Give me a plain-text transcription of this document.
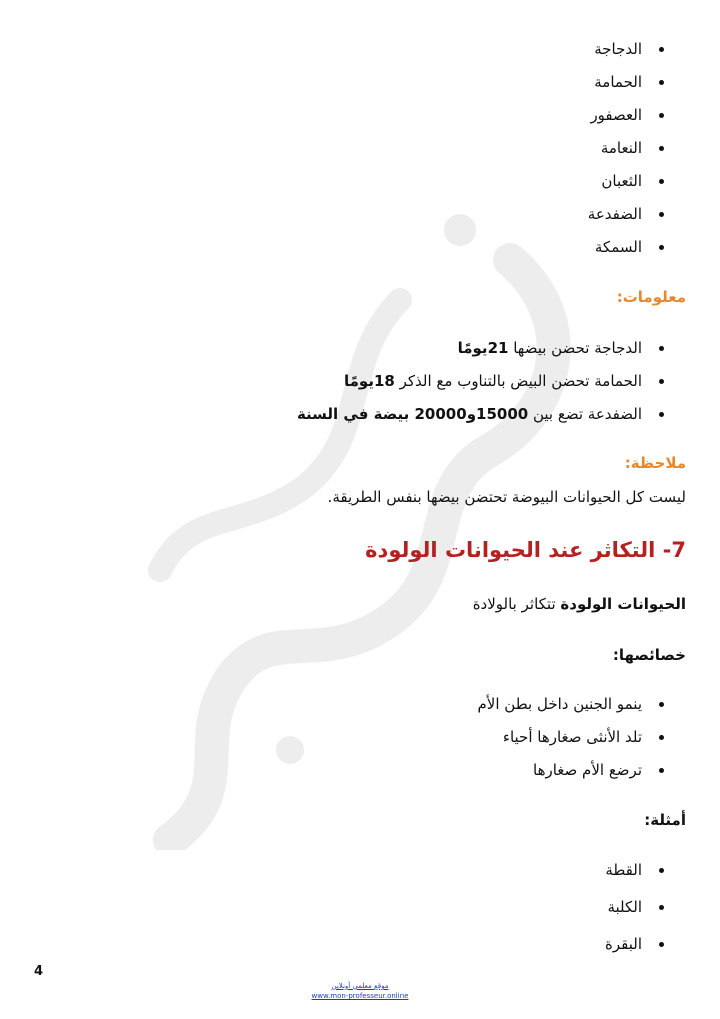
الدجاجة
الحمامة
العصفور
النعامة
الثعبان
الضفدعة
السمكة
معلومات:
الدجاجة تحضن بيضها 21يومًا
الحمامة تحضن البيض بالتناوب مع الذكر 18يومًا
الضفدعة تضع بين 15000و20000 بيضة في السنة
ملاحظة:
ليست كل الحيوانات البيوضة تحتضن بيضها بنفس الطريقة.
7- التكاثر عند الحيوانات الولودة
الحيوانات الولودة تتكاثر بالولادة
خصائصها:
ينمو الجنين داخل بطن الأم
تلد الأنثى صغارها أحياء
ترضع الأم صغارها
أمثلة:
القطة
الكلبة
البقرة
4
موقع معلمي أونلاين
www.mon-professeur.online
